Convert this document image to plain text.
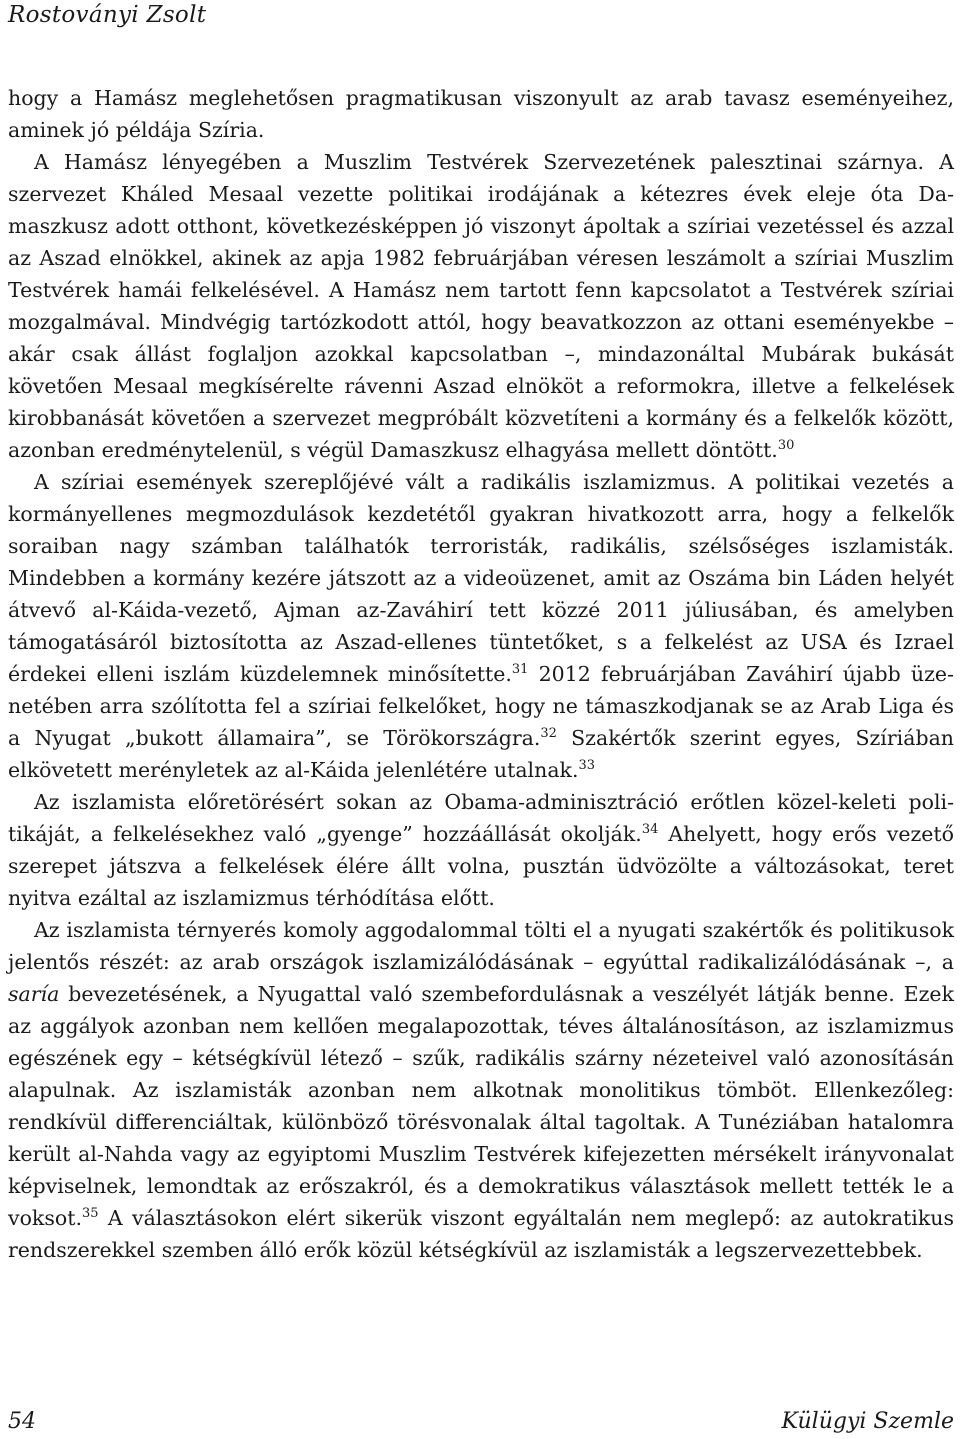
Rostoványi Zsolt

hogy a Hamász meglehetősen pragmatikusan viszonyult az arab tavasz eseményeihez, aminek jó példája Szíria.

A Hamász lényegében a Muszlim Testvérek Szervezetének palesztinai szárnya. A szervezet Kháled Mesaal vezette politikai irodájának a kétezres évek eleje óta Damaszkusz adott otthont, következésképpen jó viszonyt ápoltak a szíriai vezetéssel és azzal az Aszad elnökkel, akinek az apja 1982 februárjában véresen leszámolt a szíriai Muszlim Testvérek hamái felkelésével. A Hamász nem tartott fenn kapcsolatot a Testvérek szíriai mozgalmával. Mindvégig tartózkodott attól, hogy beavatkozzon az ottani eseményekbe – akár csak állást foglaljon azokkal kapcsolatban –, mindazonáltal Mubárak bukását követően Mesaal megkísérelte rávenni Aszad elnököt a reformokra, illetve a felkelések kirobbanását követően a szervezet megpróbált közvetíteni a kormány és a felkelők között, azonban eredménytelenül, s végül Damaszkusz elhagyása mellett döntött.$^{30}$

A szíriai események szereplőjévé vált a radikális iszlamizmus. A politikai vezetés a kormányellenes megmozdulások kezdetétől gyakran hivatkozott arra, hogy a felkelők soraiban nagy számban találhatók terroristák, radikális, szélsőséges iszlamisták. Mindebben a kormány kezére játszott az a videoüzenet, amit az Oszáma bin Láden helyét átvevő al-Káida-vezető, Ajman az-Zaváhirí tett közzé 2011 júliusában, és amelyben támogatásáról biztosította az Aszad-ellenes tüntetőket, s a felkelést az USA és Izrael érdekei elleni iszlám küzdelemnek minősítette.$^{31}$ 2012 februárjában Zaváhirí újabb üzenetében arra szólította fel a szíriai felkelőket, hogy ne támaszkodjanak se az Arab Liga és a Nyugat „bukott államaira”, se Törökországra.$^{32}$ Szakértők szerint egyes, Szíriában elkövetett merényletek az al-Káida jelenlétére utalnak.$^{33}$

Az iszlamista előretörésért sokan az Obama-adminisztráció erőtlen közel-keleti politikáját, a felkelésekhez való „gyenge” hozzáállását okolják.$^{34}$ Ahelyett, hogy erős vezető szerepet játszva a felkelések élére állt volna, pusztán üdvözölte a változásokat, teret nyitva ezáltal az iszlamizmus térhódítása előtt.

Az iszlamista térnyerés komoly aggodalommal tölti el a nyugati szakértők és politikusok jelentős részét: az arab országok iszlamizálódásának – egyúttal radikalizálódásának –, a saría bevezetésének, a Nyugattal való szembefordulásnak a veszélyét látják benne. Ezek az aggályok azonban nem kellően megalapozottak, téves általánosításon, az iszlamizmus egészének egy – kétségkívül létező – szűk, radikális szárny nézeteivel való azonosításán alapulnak. Az iszlamisták azonban nem alkotnak monolitikus tömböt. Ellenkezőleg: rendkívül differenciáltak, különböző törésvonalak által tagoltak. A Tunéziában hatalomra került al-Nahda vagy az egyiptomi Muszlim Testvérek kifejezetten mérsékelt irányvonalat képviselnek, lemondtak az erőszakról, és a demokratikus választások mellett tették le a voksot.$^{35}$ A választásokon elért sikerük viszont egyáltalán nem meglepő: az autokratikus rendszerekkel szemben álló erők közül kétségkívül az iszlamisták a legszervezettebbek.

54	Külügyi Szemle
